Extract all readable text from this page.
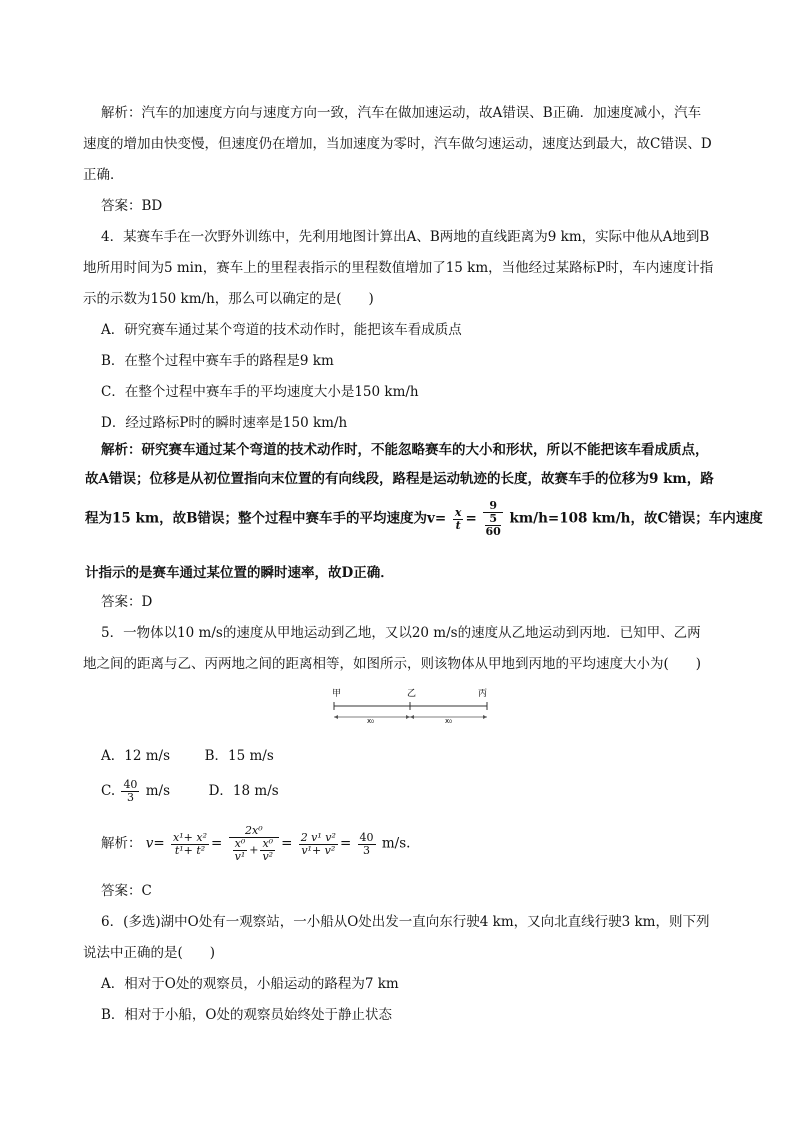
解析：汽车的加速度方向与速度方向一致，汽车在做加速运动，故A错误、B正确．加速度减小，汽车
速度的增加由快变慢，但速度仍在增加，当加速度为零时，汽车做匀速运动，速度达到最大，故C错误、D
正确．
答案：BD
4．某赛车手在一次野外训练中，先利用地图计算出A、B两地的直线距离为9 km，实际中他从A地到B
地所用时间为5 min，赛车上的里程表指示的里程数值增加了15 km，当他经过某路标P时，车内速度计指
示的示数为150 km/h，那么可以确定的是(　　)
A．研究赛车通过某个弯道的技术动作时，能把该车看成质点
B．在整个过程中赛车手的路程是9 km
C．在整个过程中赛车手的平均速度大小是150 km/h
D．经过路标P时的瞬时速率是150 km/h
解析：研究赛车通过某个弯道的技术动作时，不能忽略赛车的大小和形状，所以不能把该车看成质点，
故A错误；位移是从初位置指向末位置的有向线段，路程是运动轨迹的长度，故赛车手的位移为9 km，路
程为15 km，故B错误；整个过程中赛车手的平均速度为$v= \frac{x}{t} = 9$
5
60 km/h=108 km/h，故C错误；车内速度
计指示的是赛车通过某位置的瞬时速率，故D正确．
答案：D
5．一物体以10 m/s的速度从甲地运动到乙地，又以20 m/s的速度从乙地运动到丙地．已知甲、乙两
地之间的距离与乙、丙两地之间的距离相等，如图所示，则该物体从甲地到丙地的平均速度大小为(　　)
甲	乙	丙
x₀	x₀
A．12 m/s	B．15 m/s
C. $\frac{40}{3} m/s$	D．18 m/s
解析： $v= \frac{\text{x¹+ x²}}{\text{t¹+ t²}} = \frac{\text{2x⁰}}{\frac{\text{x⁰}}{\text{v¹}} + \frac{\text{x⁰}}{\text{v²}}} = \frac{\text{2 v¹ v²}}{\text{v¹+ v²}} = \frac{40}{3} m/s$.
答案：C
6．(多选)湖中O处有一观察站，一小船从O处出发一直向东行驶4 km，又向北直线行驶3 km，则下列
说法中正确的是(　　)
A．相对于O处的观察员，小船运动的路程为7 km
B．相对于小船，O处的观察员始终处于静止状态
